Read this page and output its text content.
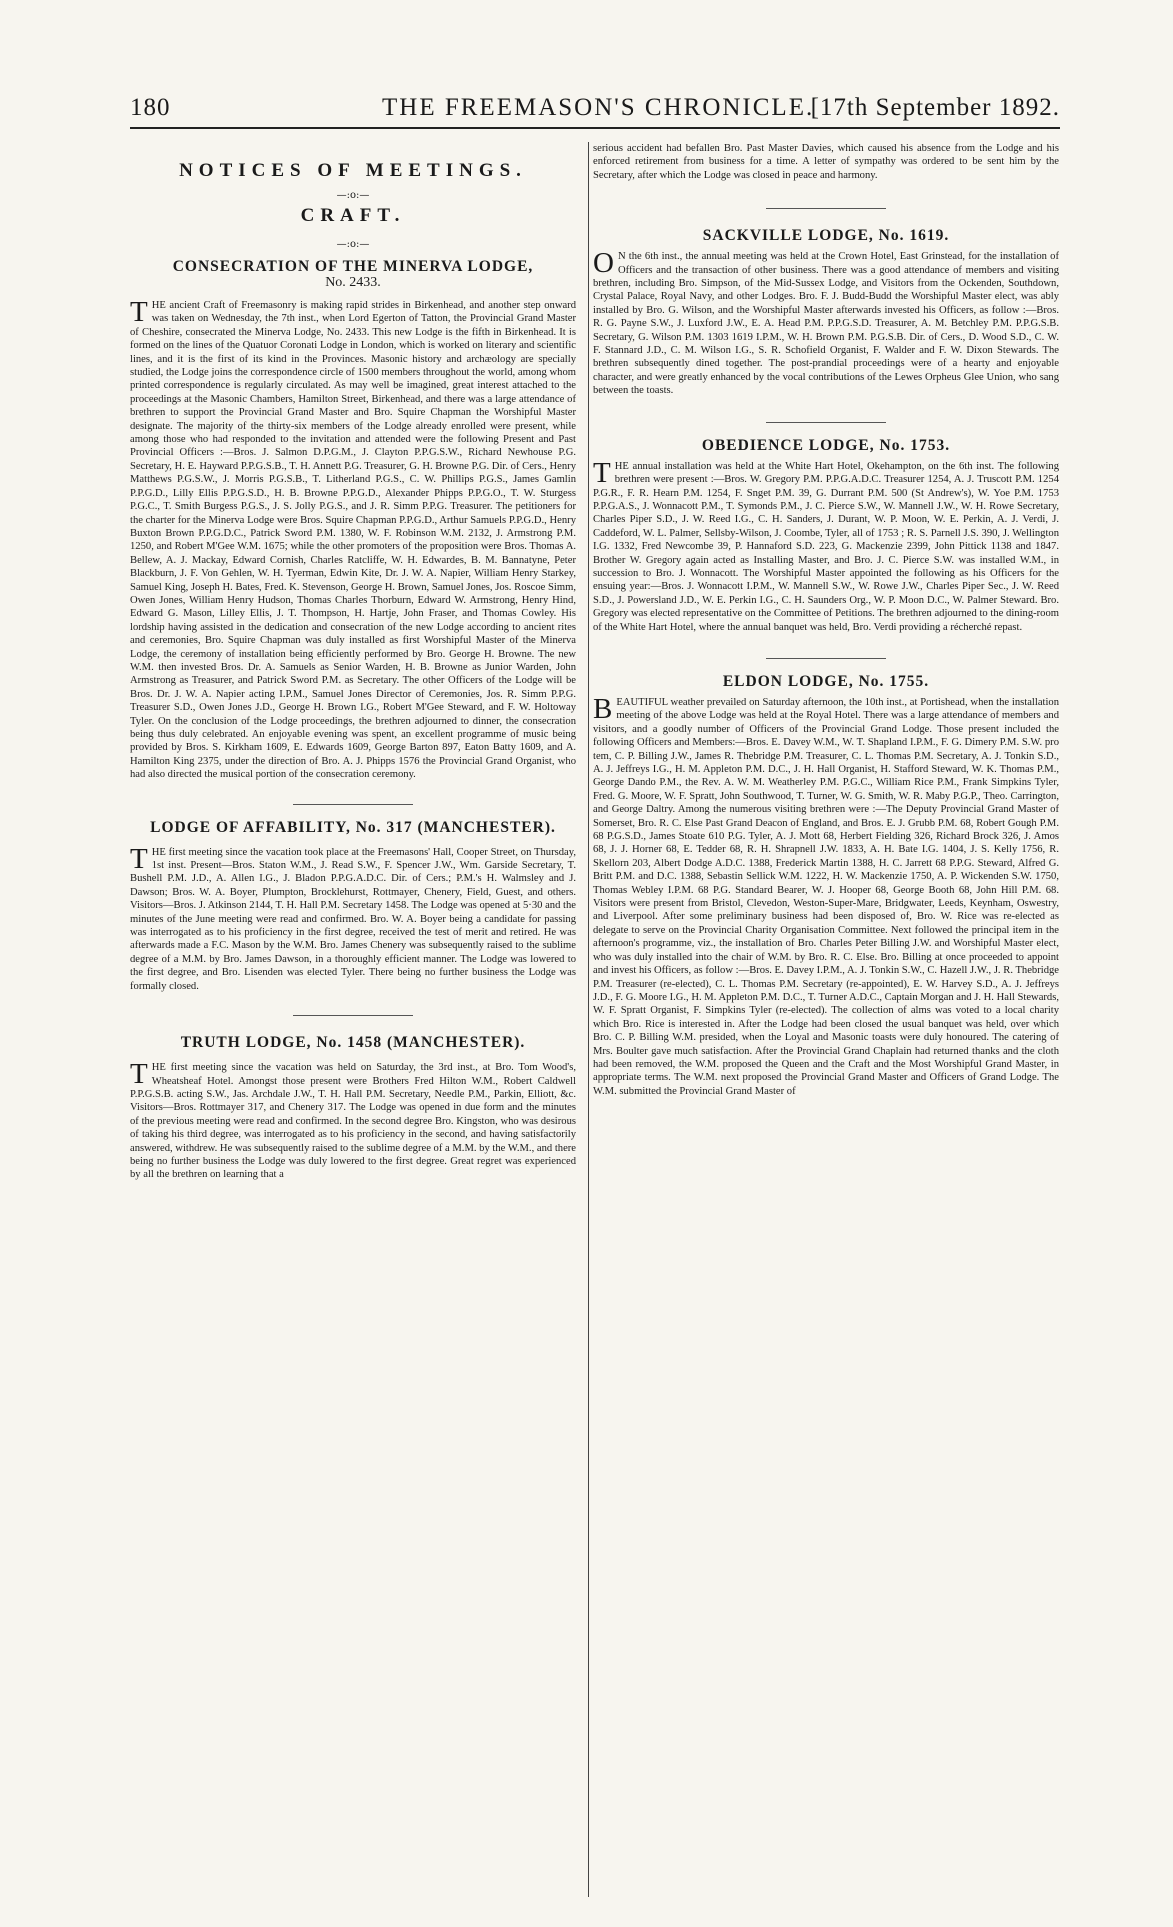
180	THE FREEMASON'S CHRONICLE.
[17th September 1892.
NOTICES OF MEETINGS.

—:o:—

CRAFT.

—:o:—

CONSECRATION OF THE MINERVA LODGE,

No. 2433.

THE ancient Craft of Freemasonry is making rapid strides in Birkenhead, and another step onward was taken on Wednesday, the 7th inst., when Lord Egerton of Tatton, the Provincial Grand Master of Cheshire, consecrated the Minerva Lodge, No. 2433. This new Lodge is the fifth in Birkenhead. It is formed on the lines of the Quatuor Coronati Lodge in London, which is worked on literary and scientific lines, and it is the first of its kind in the Provinces. Masonic history and archæology are specially studied, the Lodge joins the correspondence circle of 1500 members throughout the world, among whom printed correspondence is regularly circulated. As may well be imagined, great interest attached to the proceedings at the Masonic Chambers, Hamilton Street, Birkenhead, and there was a large attendance of brethren to support the Provincial Grand Master and Bro. Squire Chapman the Worshipful Master designate. The majority of the thirty-six members of the Lodge already enrolled were present, while among those who had responded to the invitation and attended were the following Present and Past Provincial Officers :—Bros. J. Salmon D.P.G.M., J. Clayton P.P.G.S.W., Richard Newhouse P.G. Secretary, H. E. Hayward P.P.G.S.B., T. H. Annett P.G. Treasurer, G. H. Browne P.G. Dir. of Cers., Henry Matthews P.G.S.W., J. Morris P.G.S.B., T. Litherland P.G.S., C. W. Phillips P.G.S., James Gamlin P.P.G.D., Lilly Ellis P.P.G.S.D., H. B. Browne P.P.G.D., Alexander Phipps P.P.G.O., T. W. Sturgess P.G.C., T. Smith Burgess P.G.S., J. S. Jolly P.G.S., and J. R. Simm P.P.G. Treasurer. The petitioners for the charter for the Minerva Lodge were Bros. Squire Chapman P.P.G.D., Arthur Samuels P.P.G.D., Henry Buxton Brown P.P.G.D.C., Patrick Sword P.M. 1380, W. F. Robinson W.M. 2132, J. Armstrong P.M. 1250, and Robert M'Gee W.M. 1675; while the other promoters of the proposition were Bros. Thomas A. Bellew, A. J. Mackay, Edward Cornish, Charles Ratcliffe, W. H. Edwardes, B. M. Bannatyne, Peter Blackburn, J. F. Von Gehlen, W. H. Tyerman, Edwin Kite, Dr. J. W. A. Napier, William Henry Starkey, Samuel King, Joseph H. Bates, Fred. K. Stevenson, George H. Brown, Samuel Jones, Jos. Roscoe Simm, Owen Jones, William Henry Hudson, Thomas Charles Thorburn, Edward W. Armstrong, Henry Hind, Edward G. Mason, Lilley Ellis, J. T. Thompson, H. Hartje, John Fraser, and Thomas Cowley. His lordship having assisted in the dedication and consecration of the new Lodge according to ancient rites and ceremonies, Bro. Squire Chapman was duly installed as first Worshipful Master of the Minerva Lodge, the ceremony of installation being efficiently performed by Bro. George H. Browne. The new W.M. then invested Bros. Dr. A. Samuels as Senior Warden, H. B. Browne as Junior Warden, John Armstrong as Treasurer, and Patrick Sword P.M. as Secretary. The other Officers of the Lodge will be Bros. Dr. J. W. A. Napier acting I.P.M., Samuel Jones Director of Ceremonies, Jos. R. Simm P.P.G. Treasurer S.D., Owen Jones J.D., George H. Brown I.G., Robert M'Gee Steward, and F. W. Holtoway Tyler. On the conclusion of the Lodge proceedings, the brethren adjourned to dinner, the consecration being thus duly celebrated. An enjoyable evening was spent, an excellent programme of music being provided by Bros. S. Kirkham 1609, E. Edwards 1609, George Barton 897, Eaton Batty 1609, and A. Hamilton King 2375, under the direction of Bro. A. J. Phipps 1576 the Provincial Grand Organist, who had also directed the musical portion of the consecration ceremony.

LODGE OF AFFABILITY, No. 317 (MANCHESTER).

THE first meeting since the vacation took place at the Freemasons' Hall, Cooper Street, on Thursday, 1st inst. Present—Bros. Staton W.M., J. Read S.W., F. Spencer J.W., Wm. Garside Secretary, T. Bushell P.M. J.D., A. Allen I.G., J. Bladon P.P.G.A.D.C. Dir. of Cers.; P.M.'s H. Walmsley and J. Dawson; Bros. W. A. Boyer, Plumpton, Brocklehurst, Rottmayer, Chenery, Field, Guest, and others. Visitors—Bros. J. Atkinson 2144, T. H. Hall P.M. Secretary 1458. The Lodge was opened at 5·30 and the minutes of the June meeting were read and confirmed. Bro. W. A. Boyer being a candidate for passing was interrogated as to his proficiency in the first degree, received the test of merit and retired. He was afterwards made a F.C. Mason by the W.M. Bro. James Chenery was subsequently raised to the sublime degree of a M.M. by Bro. James Dawson, in a thoroughly efficient manner. The Lodge was lowered to the first degree, and Bro. Lisenden was elected Tyler. There being no further business the Lodge was formally closed.

TRUTH LODGE, No. 1458 (MANCHESTER).

THE first meeting since the vacation was held on Saturday, the 3rd inst., at Bro. Tom Wood's, Wheatsheaf Hotel. Amongst those present were Brothers Fred Hilton W.M., Robert Caldwell P.P.G.S.B. acting S.W., Jas. Archdale J.W., T. H. Hall P.M. Secretary, Needle P.M., Parkin, Elliott, &c. Visitors—Bros. Rottmayer 317, and Chenery 317. The Lodge was opened in due form and the minutes of the previous meeting were read and confirmed. In the second degree Bro. Kingston, who was desirous of taking his third degree, was interrogated as to his proficiency in the second, and having satisfactorily answered, withdrew. He was subsequently raised to the sublime degree of a M.M. by the W.M., and there being no further business the Lodge was duly lowered to the first degree. Great regret was experienced by all the brethren on learning that a

serious accident had befallen Bro. Past Master Davies, which caused his absence from the Lodge and his enforced retirement from business for a time. A letter of sympathy was ordered to be sent him by the Secretary, after which the Lodge was closed in peace and harmony.

SACKVILLE LODGE, No. 1619.

O N the 6th inst., the annual meeting was held at the Crown Hotel, East Grinstead, for the installation of Officers and the transaction of other business. There was a good attendance of members and visiting brethren, including Bro. Simpson, of the Mid-Sussex Lodge, and Visitors from the Ockenden, Southdown, Crystal Palace, Royal Navy, and other Lodges. Bro. F. J. Budd-Budd the Worshipful Master elect, was ably installed by Bro. G. Wilson, and the Worshipful Master afterwards invested his Officers, as follow :—Bros. R. G. Payne S.W., J. Luxford J.W., E. A. Head P.M. P.P.G.S.D. Treasurer, A. M. Betchley P.M. P.P.G.S.B. Secretary, G. Wilson P.M. 1303 1619 I.P.M., W. H. Brown P.M. P.G.S.B. Dir. of Cers., D. Wood S.D., C. W. F. Stannard J.D., C. M. Wilson I.G., S. R. Schofield Organist, F. Walder and F. W. Dixon Stewards. The brethren subsequently dined together. The post-prandial proceedings were of a hearty and enjoyable character, and were greatly enhanced by the vocal contributions of the Lewes Orpheus Glee Union, who sang between the toasts.

OBEDIENCE LODGE, No. 1753.

THE annual installation was held at the White Hart Hotel, Okehampton, on the 6th inst. The following brethren were present :—Bros. W. Gregory P.M. P.P.G.A.D.C. Treasurer 1254, A. J. Truscott P.M. 1254 P.G.R., F. R. Hearn P.M. 1254, F. Snget P.M. 39, G. Durrant P.M. 500 (St Andrew's), W. Yoe P.M. 1753 P.P.G.A.S., J. Wonnacott P.M., T. Symonds P.M., J. C. Pierce S.W., W. Mannell J.W., W. H. Rowe Secretary, Charles Piper S.D., J. W. Reed I.G., C. H. Sanders, J. Durant, W. P. Moon, W. E. Perkin, A. J. Verdi, J. Caddeford, W. L. Palmer, Sellsby-Wilson, J. Coombe, Tyler, all of 1753 ; R. S. Parnell J.S. 390, J. Wellington I.G. 1332, Fred Newcombe 39, P. Hannaford S.D. 223, G. Mackenzie 2399, John Pittick 1138 and 1847. Brother W. Gregory again acted as Installing Master, and Bro. J. C. Pierce S.W. was installed W.M., in succession to Bro. J. Wonnacott. The Worshipful Master appointed the following as his Officers for the ensuing year:—Bros. J. Wonnacott I.P.M., W. Mannell S.W., W. Rowe J.W., Charles Piper Sec., J. W. Reed S.D., J. Powersland J.D., W. E. Perkin I.G., C. H. Saunders Org., W. P. Moon D.C., W. Palmer Steward. Bro. Gregory was elected representative on the Committee of Petitions. The brethren adjourned to the dining-room of the White Hart Hotel, where the annual banquet was held, Bro. Verdi providing a récherché repast.

ELDON LODGE, No. 1755.

BEAUTIFUL weather prevailed on Saturday afternoon, the 10th inst., at Portishead, when the installation meeting of the above Lodge was held at the Royal Hotel. There was a large attendance of members and visitors, and a goodly number of Officers of the Provincial Grand Lodge. Those present included the following Officers and Members:—Bros. E. Davey W.M., W. T. Shapland I.P.M., F. G. Dimery P.M. S.W. pro tem, C. P. Billing J.W., James R. Thebridge P.M. Treasurer, C. L. Thomas P.M. Secretary, A. J. Tonkin S.D., A. J. Jeffreys I.G., H. M. Appleton P.M. D.C., J. H. Hall Organist, H. Stafford Steward, W. K. Thomas P.M., George Dando P.M., the Rev. A. W. M. Weatherley P.M. P.G.C., William Rice P.M., Frank Simpkins Tyler, Fred. G. Moore, W. F. Spratt, John Southwood, T. Turner, W. G. Smith, W. R. Maby P.G.P., Theo. Carrington, and George Daltry. Among the numerous visiting brethren were :—The Deputy Provincial Grand Master of Somerset, Bro. R. C. Else Past Grand Deacon of England, and Bros. E. J. Grubb P.M. 68, Robert Gough P.M. 68 P.G.S.D., James Stoate 610 P.G. Tyler, A. J. Mott 68, Herbert Fielding 326, Richard Brock 326, J. Amos 68, J. J. Horner 68, E. Tedder 68, R. H. Shrapnell J.W. 1833, A. H. Bate I.G. 1404, J. S. Kelly 1756, R. Skellorn 203, Albert Dodge A.D.C. 1388, Frederick Martin 1388, H. C. Jarrett 68 P.P.G. Steward, Alfred G. Britt P.M. and D.C. 1388, Sebastin Sellick W.M. 1222, H. W. Mackenzie 1750, A. P. Wickenden S.W. 1750, Thomas Webley I.P.M. 68 P.G. Standard Bearer, W. J. Hooper 68, George Booth 68, John Hill P.M. 68. Visitors were present from Bristol, Clevedon, Weston-Super-Mare, Bridgwater, Leeds, Keynham, Oswestry, and Liverpool. After some preliminary business had been disposed of, Bro. W. Rice was re-elected as delegate to serve on the Provincial Charity Organisation Committee. Next followed the principal item in the afternoon's programme, viz., the installation of Bro. Charles Peter Billing J.W. and Worshipful Master elect, who was duly installed into the chair of W.M. by Bro. R. C. Else. Bro. Billing at once proceeded to appoint and invest his Officers, as follow :—Bros. E. Davey I.P.M., A. J. Tonkin S.W., C. Hazell J.W., J. R. Thebridge P.M. Treasurer (re-elected), C. L. Thomas P.M. Secretary (re-appointed), E. W. Harvey S.D., A. J. Jeffreys J.D., F. G. Moore I.G., H. M. Appleton P.M. D.C., T. Turner A.D.C., Captain Morgan and J. H. Hall Stewards, W. F. Spratt Organist, F. Simpkins Tyler (re-elected). The collection of alms was voted to a local charity which Bro. Rice is interested in. After the Lodge had been closed the usual banquet was held, over which Bro. C. P. Billing W.M. presided, when the Loyal and Masonic toasts were duly honoured. The catering of Mrs. Boulter gave much satisfaction. After the Provincial Grand Chaplain had returned thanks and the cloth had been removed, the W.M. proposed the Queen and the Craft and the Most Worshipful Grand Master, in appropriate terms. The W.M. next proposed the Provincial Grand Master and Officers of Grand Lodge. The W.M. submitted the Provincial Grand Master of
